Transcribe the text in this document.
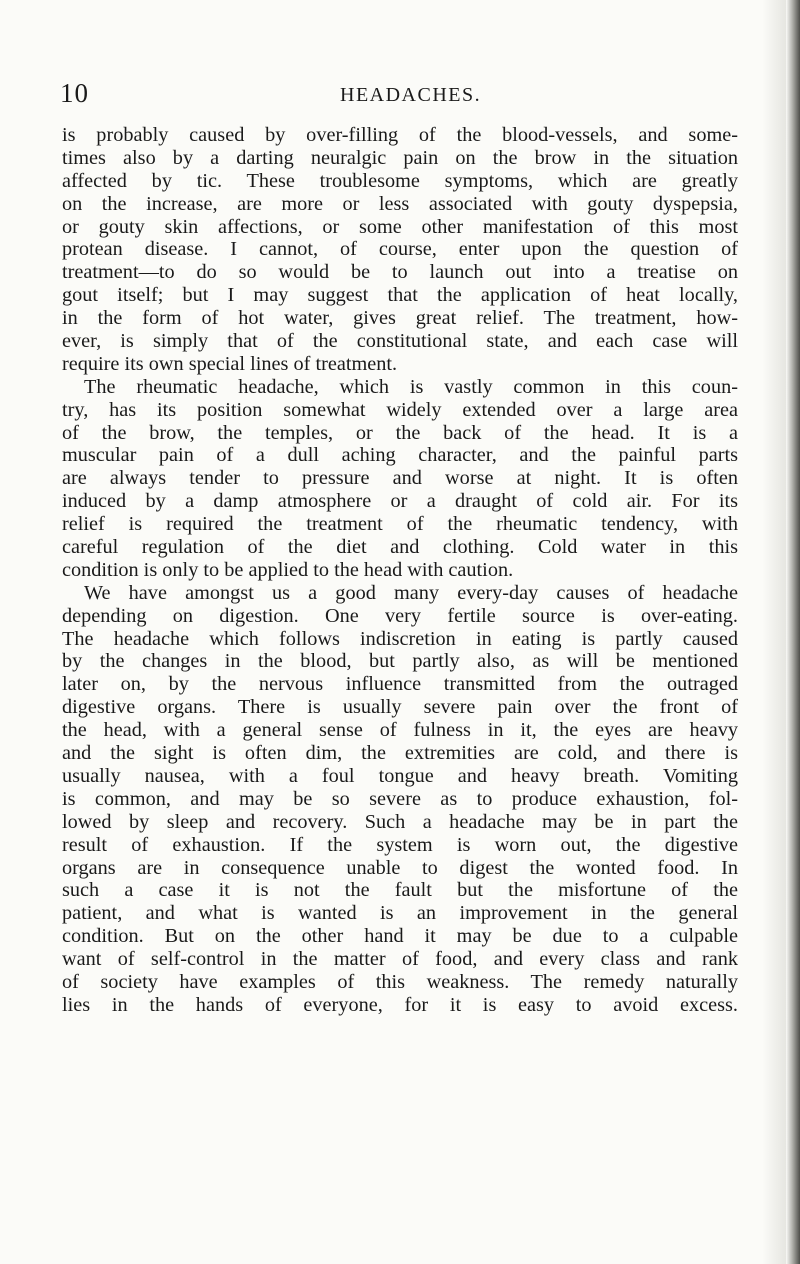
10	HEADACHES.
is probably caused by over-filling of the blood-vessels, and some-
times also by a darting neuralgic pain on the brow in the situation
affected by tic. These troublesome symptoms, which are greatly
on the increase, are more or less associated with gouty dyspepsia,
or gouty skin affections, or some other manifestation of this most
protean disease. I cannot, of course, enter upon the question of
treatment—to do so would be to launch out into a treatise on
gout itself; but I may suggest that the application of heat locally,
in the form of hot water, gives great relief. The treatment, how-
ever, is simply that of the constitutional state, and each case will
require its own special lines of treatment.
The rheumatic headache, which is vastly common in this coun-
try, has its position somewhat widely extended over a large area
of the brow, the temples, or the back of the head. It is a
muscular pain of a dull aching character, and the painful parts
are always tender to pressure and worse at night. It is often
induced by a damp atmosphere or a draught of cold air. For its
relief is required the treatment of the rheumatic tendency, with
careful regulation of the diet and clothing. Cold water in this
condition is only to be applied to the head with caution.
We have amongst us a good many every-day causes of headache
depending on digestion. One very fertile source is over-eating.
The headache which follows indiscretion in eating is partly caused
by the changes in the blood, but partly also, as will be mentioned
later on, by the nervous influence transmitted from the outraged
digestive organs. There is usually severe pain over the front of
the head, with a general sense of fulness in it, the eyes are heavy
and the sight is often dim, the extremities are cold, and there is
usually nausea, with a foul tongue and heavy breath. Vomiting
is common, and may be so severe as to produce exhaustion, fol-
lowed by sleep and recovery. Such a headache may be in part the
result of exhaustion. If the system is worn out, the digestive
organs are in consequence unable to digest the wonted food. In
such a case it is not the fault but the misfortune of the
patient, and what is wanted is an improvement in the general
condition. But on the other hand it may be due to a culpable
want of self-control in the matter of food, and every class and rank
of society have examples of this weakness. The remedy naturally
lies in the hands of everyone, for it is easy to avoid excess.
